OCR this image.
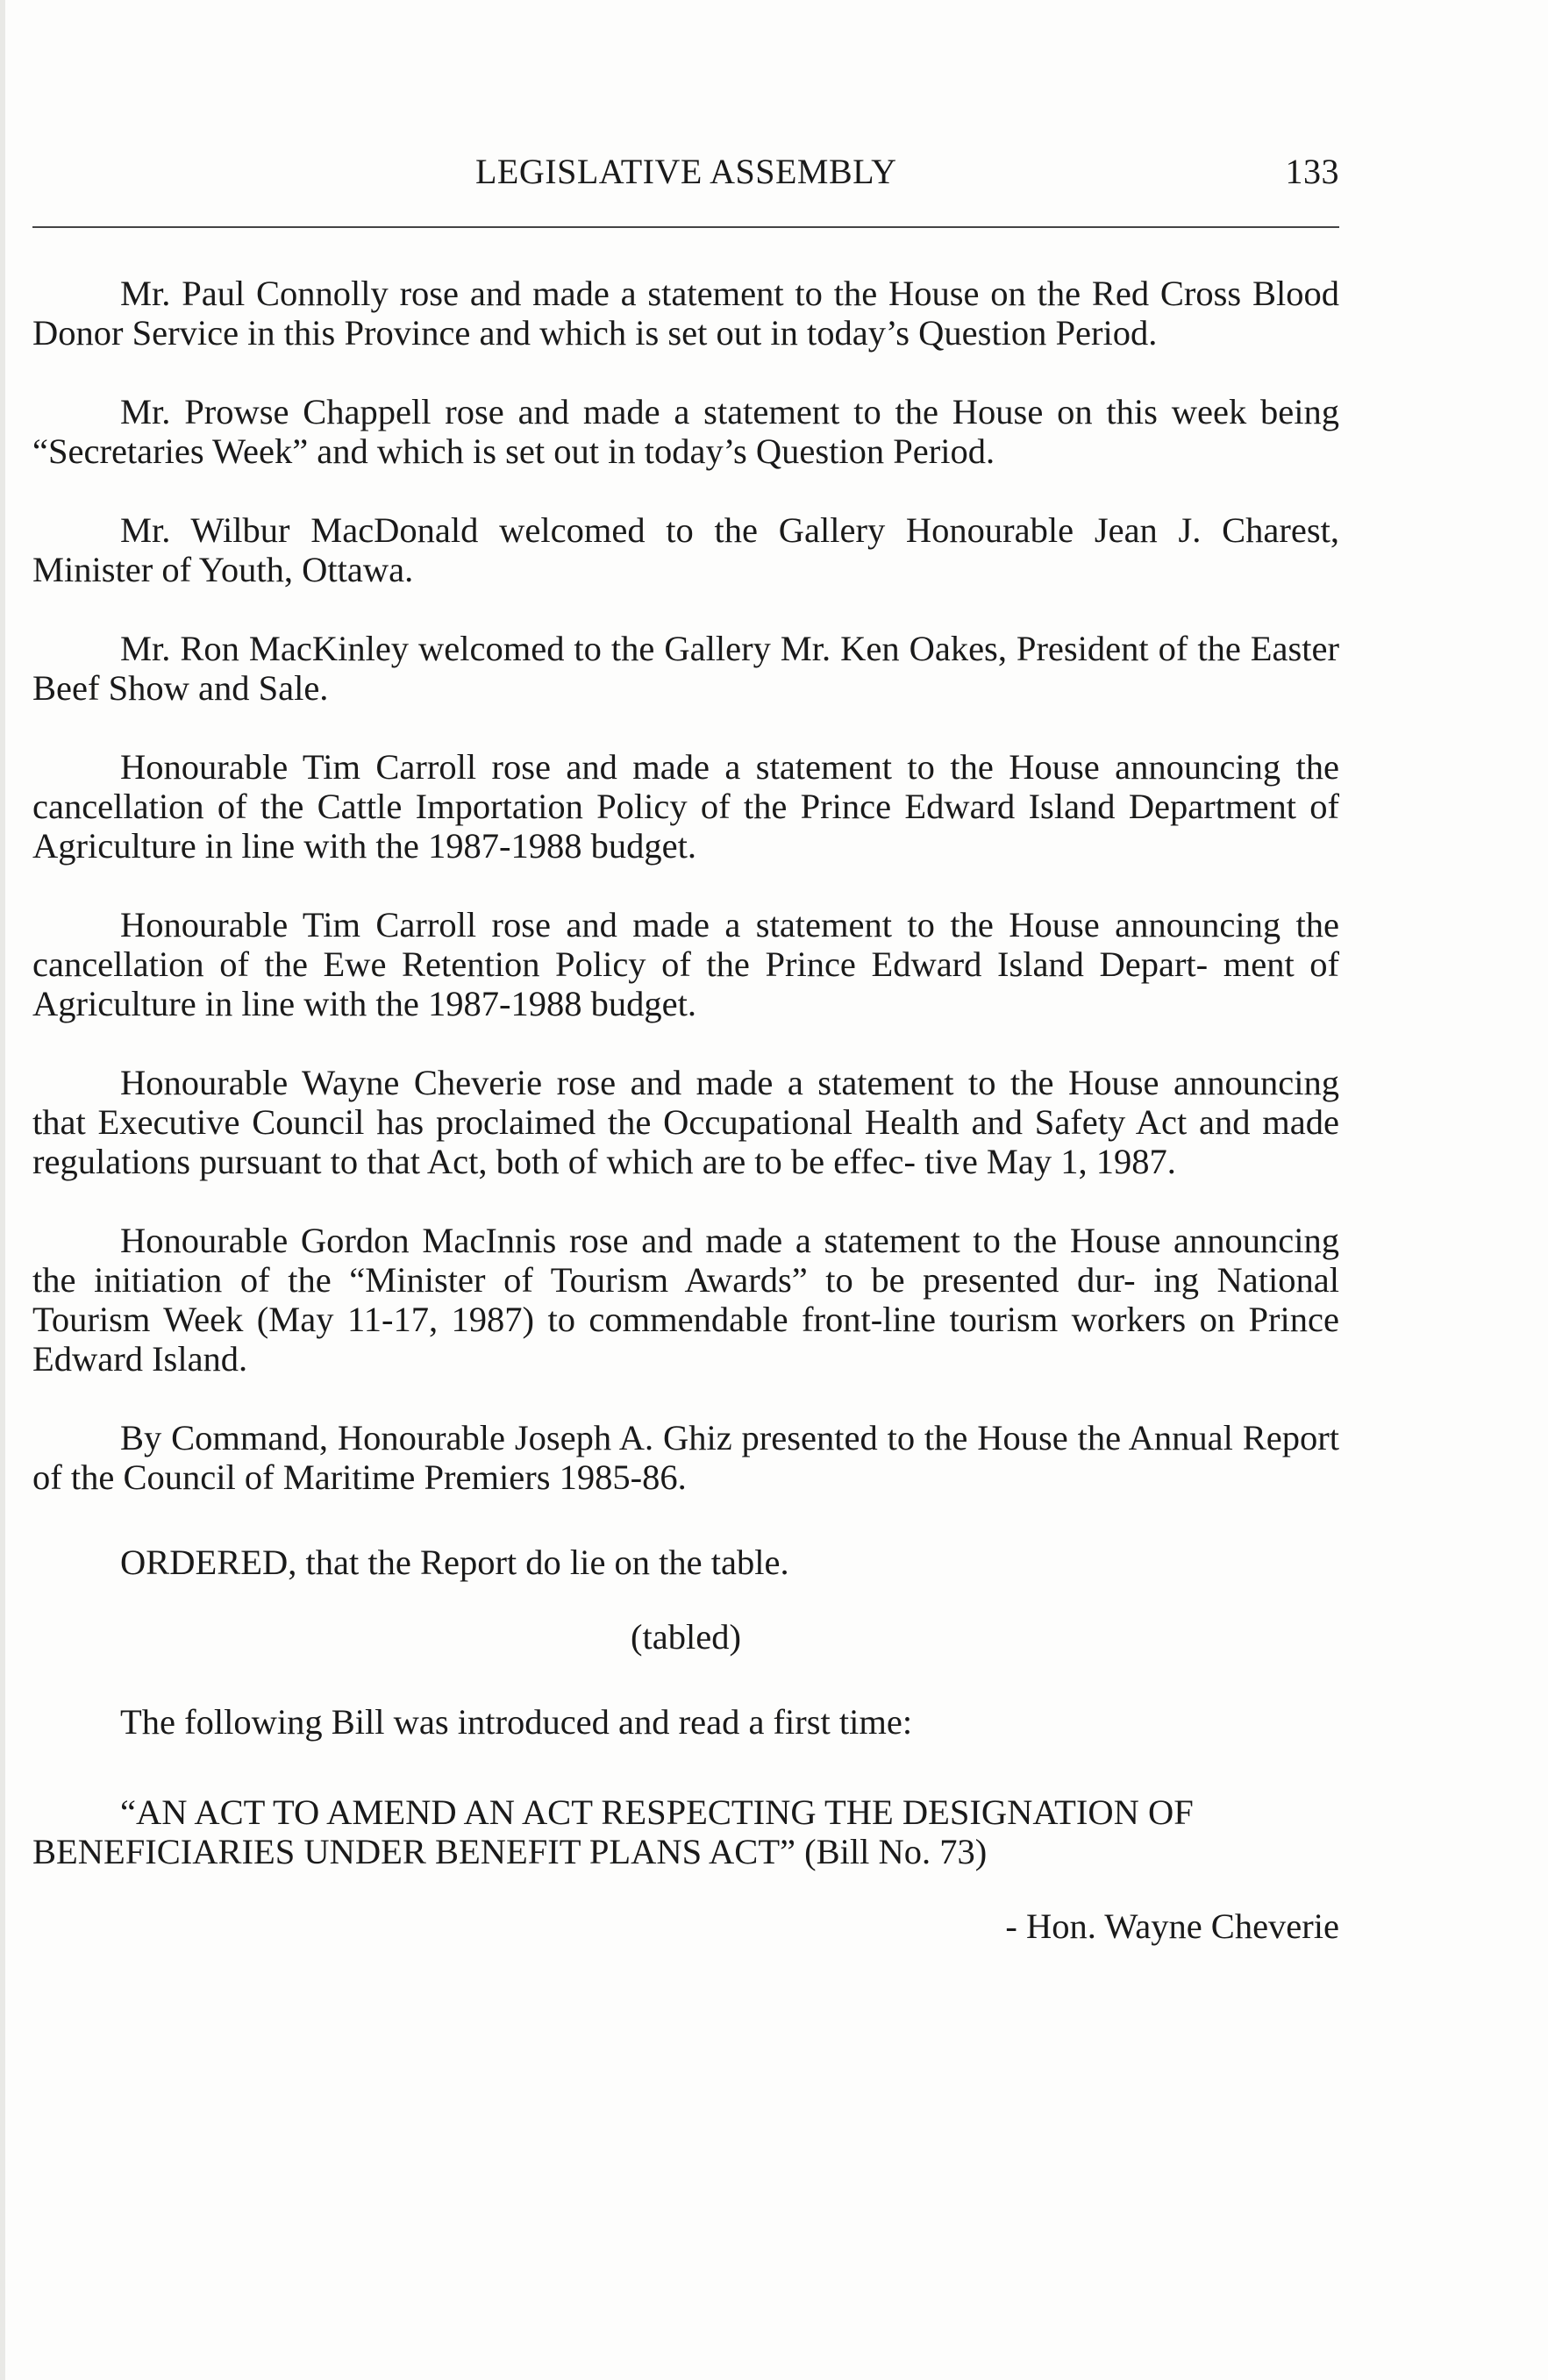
LEGISLATIVE ASSEMBLY	133

Mr. Paul Connolly rose and made a statement to the House on the Red Cross Blood Donor Service in this Province and which is set out in today’s Question Period.

Mr. Prowse Chappell rose and made a statement to the House on this week being “Secretaries Week” and which is set out in today’s Question Period.

Mr. Wilbur MacDonald welcomed to the Gallery Honourable Jean J. Charest, Minister of Youth, Ottawa.

Mr. Ron MacKinley welcomed to the Gallery Mr. Ken Oakes, President of the Easter Beef Show and Sale.

Honourable Tim Carroll rose and made a statement to the House announcing the cancellation of the Cattle Importation Policy of the Prince Edward Island Department of Agriculture in line with the 1987-1988 budget.

Honourable Tim Carroll rose and made a statement to the House announcing the cancellation of the Ewe Retention Policy of the Prince Edward Island Depart- ment of Agriculture in line with the 1987-1988 budget.

Honourable Wayne Cheverie rose and made a statement to the House announcing that Executive Council has proclaimed the Occupational Health and Safety Act and made regulations pursuant to that Act, both of which are to be effec- tive May 1, 1987.

Honourable Gordon MacInnis rose and made a statement to the House announcing the initiation of the “Minister of Tourism Awards” to be presented dur- ing National Tourism Week (May 11-17, 1987) to commendable front-line tourism workers on Prince Edward Island.

By Command, Honourable Joseph A. Ghiz presented to the House the Annual Report of the Council of Maritime Premiers 1985-86.

ORDERED, that the Report do lie on the table.

(tabled)

The following Bill was introduced and read a first time:

“AN ACT TO AMEND AN ACT RESPECTING THE DESIGNATION OF BENEFICIARIES UNDER BENEFIT PLANS ACT” (Bill No. 73)

- Hon. Wayne Cheverie
